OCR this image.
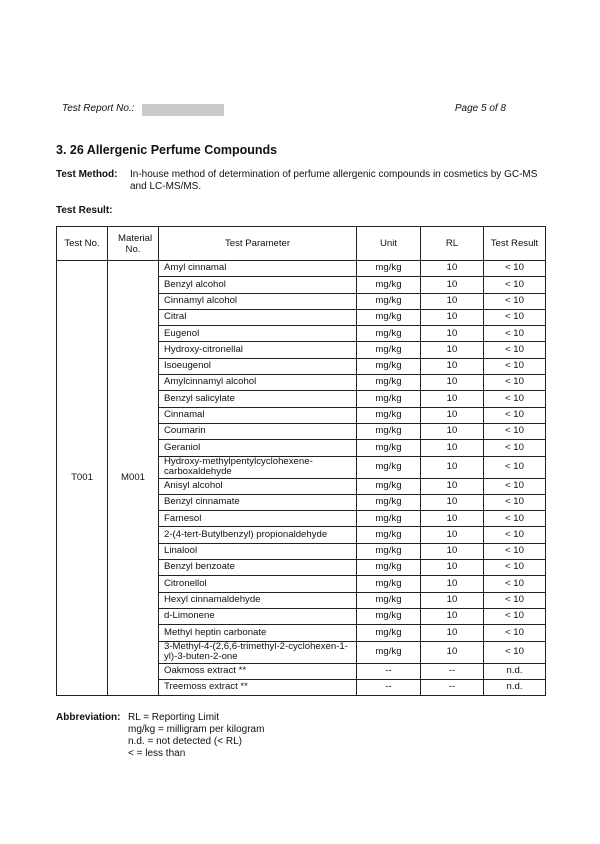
Test Report No.:	Page 5 of 8
3. 26 Allergenic Perfume Compounds
Test Method: In-house method of determination of perfume allergenic compounds in cosmetics by GC-MS and LC-MS/MS.
Test Result:
Test No.	Material No.	Test Parameter	Unit	RL	Test Result
T001	M001	Amyl cinnamal	mg/kg	10	< 10
		Benzyl alcohol	mg/kg	10	< 10
		Cinnamyl alcohol	mg/kg	10	< 10
		Citral	mg/kg	10	< 10
		Eugenol	mg/kg	10	< 10
		Hydroxy-citronellal	mg/kg	10	< 10
		Isoeugenol	mg/kg	10	< 10
		Amylcinnamyl alcohol	mg/kg	10	< 10
		Benzyl salicylate	mg/kg	10	< 10
		Cinnamal	mg/kg	10	< 10
		Coumarin	mg/kg	10	< 10
		Geraniol	mg/kg	10	< 10
		Hydroxy-methylpentylcyclohexene-carboxaldehyde	mg/kg	10	< 10
		Anisyl alcohol	mg/kg	10	< 10
		Benzyl cinnamate	mg/kg	10	< 10
		Farnesol	mg/kg	10	< 10
		2-(4-tert-Butylbenzyl) propionaldehyde	mg/kg	10	< 10
		Linalool	mg/kg	10	< 10
		Benzyl benzoate	mg/kg	10	< 10
		Citronellol	mg/kg	10	< 10
		Hexyl cinnamaldehyde	mg/kg	10	< 10
		d-Limonene	mg/kg	10	< 10
		Methyl heptin carbonate	mg/kg	10	< 10
		3-Methyl-4-(2,6,6-trimethyl-2-cyclohexen-1-yl)-3-buten-2-one	mg/kg	10	< 10
		Oakmoss extract **	--	--	n.d.
		Treemoss extract **	--	--	n.d.
Abbreviation: RL = Reporting Limit
mg/kg = milligram per kilogram
n.d. = not detected (< RL)
< = less than
